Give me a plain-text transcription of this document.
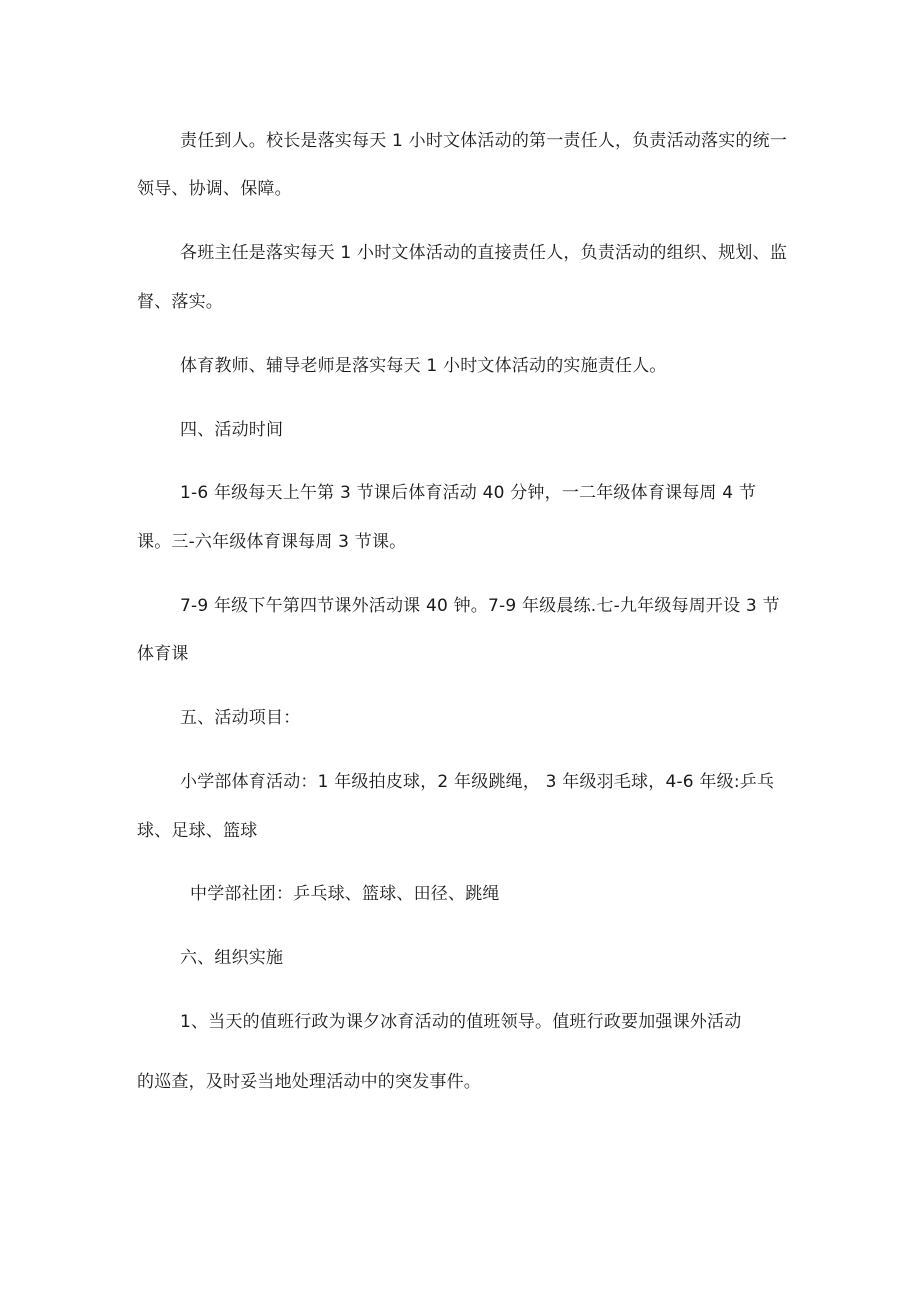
责任到人。校长是落实每天 1 小时文体活动的第一责任人，负责活动落实的统一
领导、协调、保障。
各班主任是落实每天 1 小时文体活动的直接责任人，负责活动的组织、规划、监
督、落实。
体育教师、辅导老师是落实每天 1 小时文体活动的实施责任人。
四、活动时间
1-6 年级每天上午第 3 节课后体育活动 40 分钟，一二年级体育课每周 4 节
课。三-六年级体育课每周 3 节课。
7-9 年级下午第四节课外活动课 40 钟。7-9 年级晨练.七-九年级每周开设 3 节
体育课
五、活动项目：
小学部体育活动：1 年级拍皮球，2 年级跳绳， 3 年级羽毛球，4-6 年级:乒乓
球、足球、篮球
中学部社团：乒乓球、篮球、田径、跳绳
六、组织实施
1、当天的值班行政为课夕冰育活动的值班领导。值班行政要加强课外活动
的巡查，及时妥当地处理活动中的突发事件。
